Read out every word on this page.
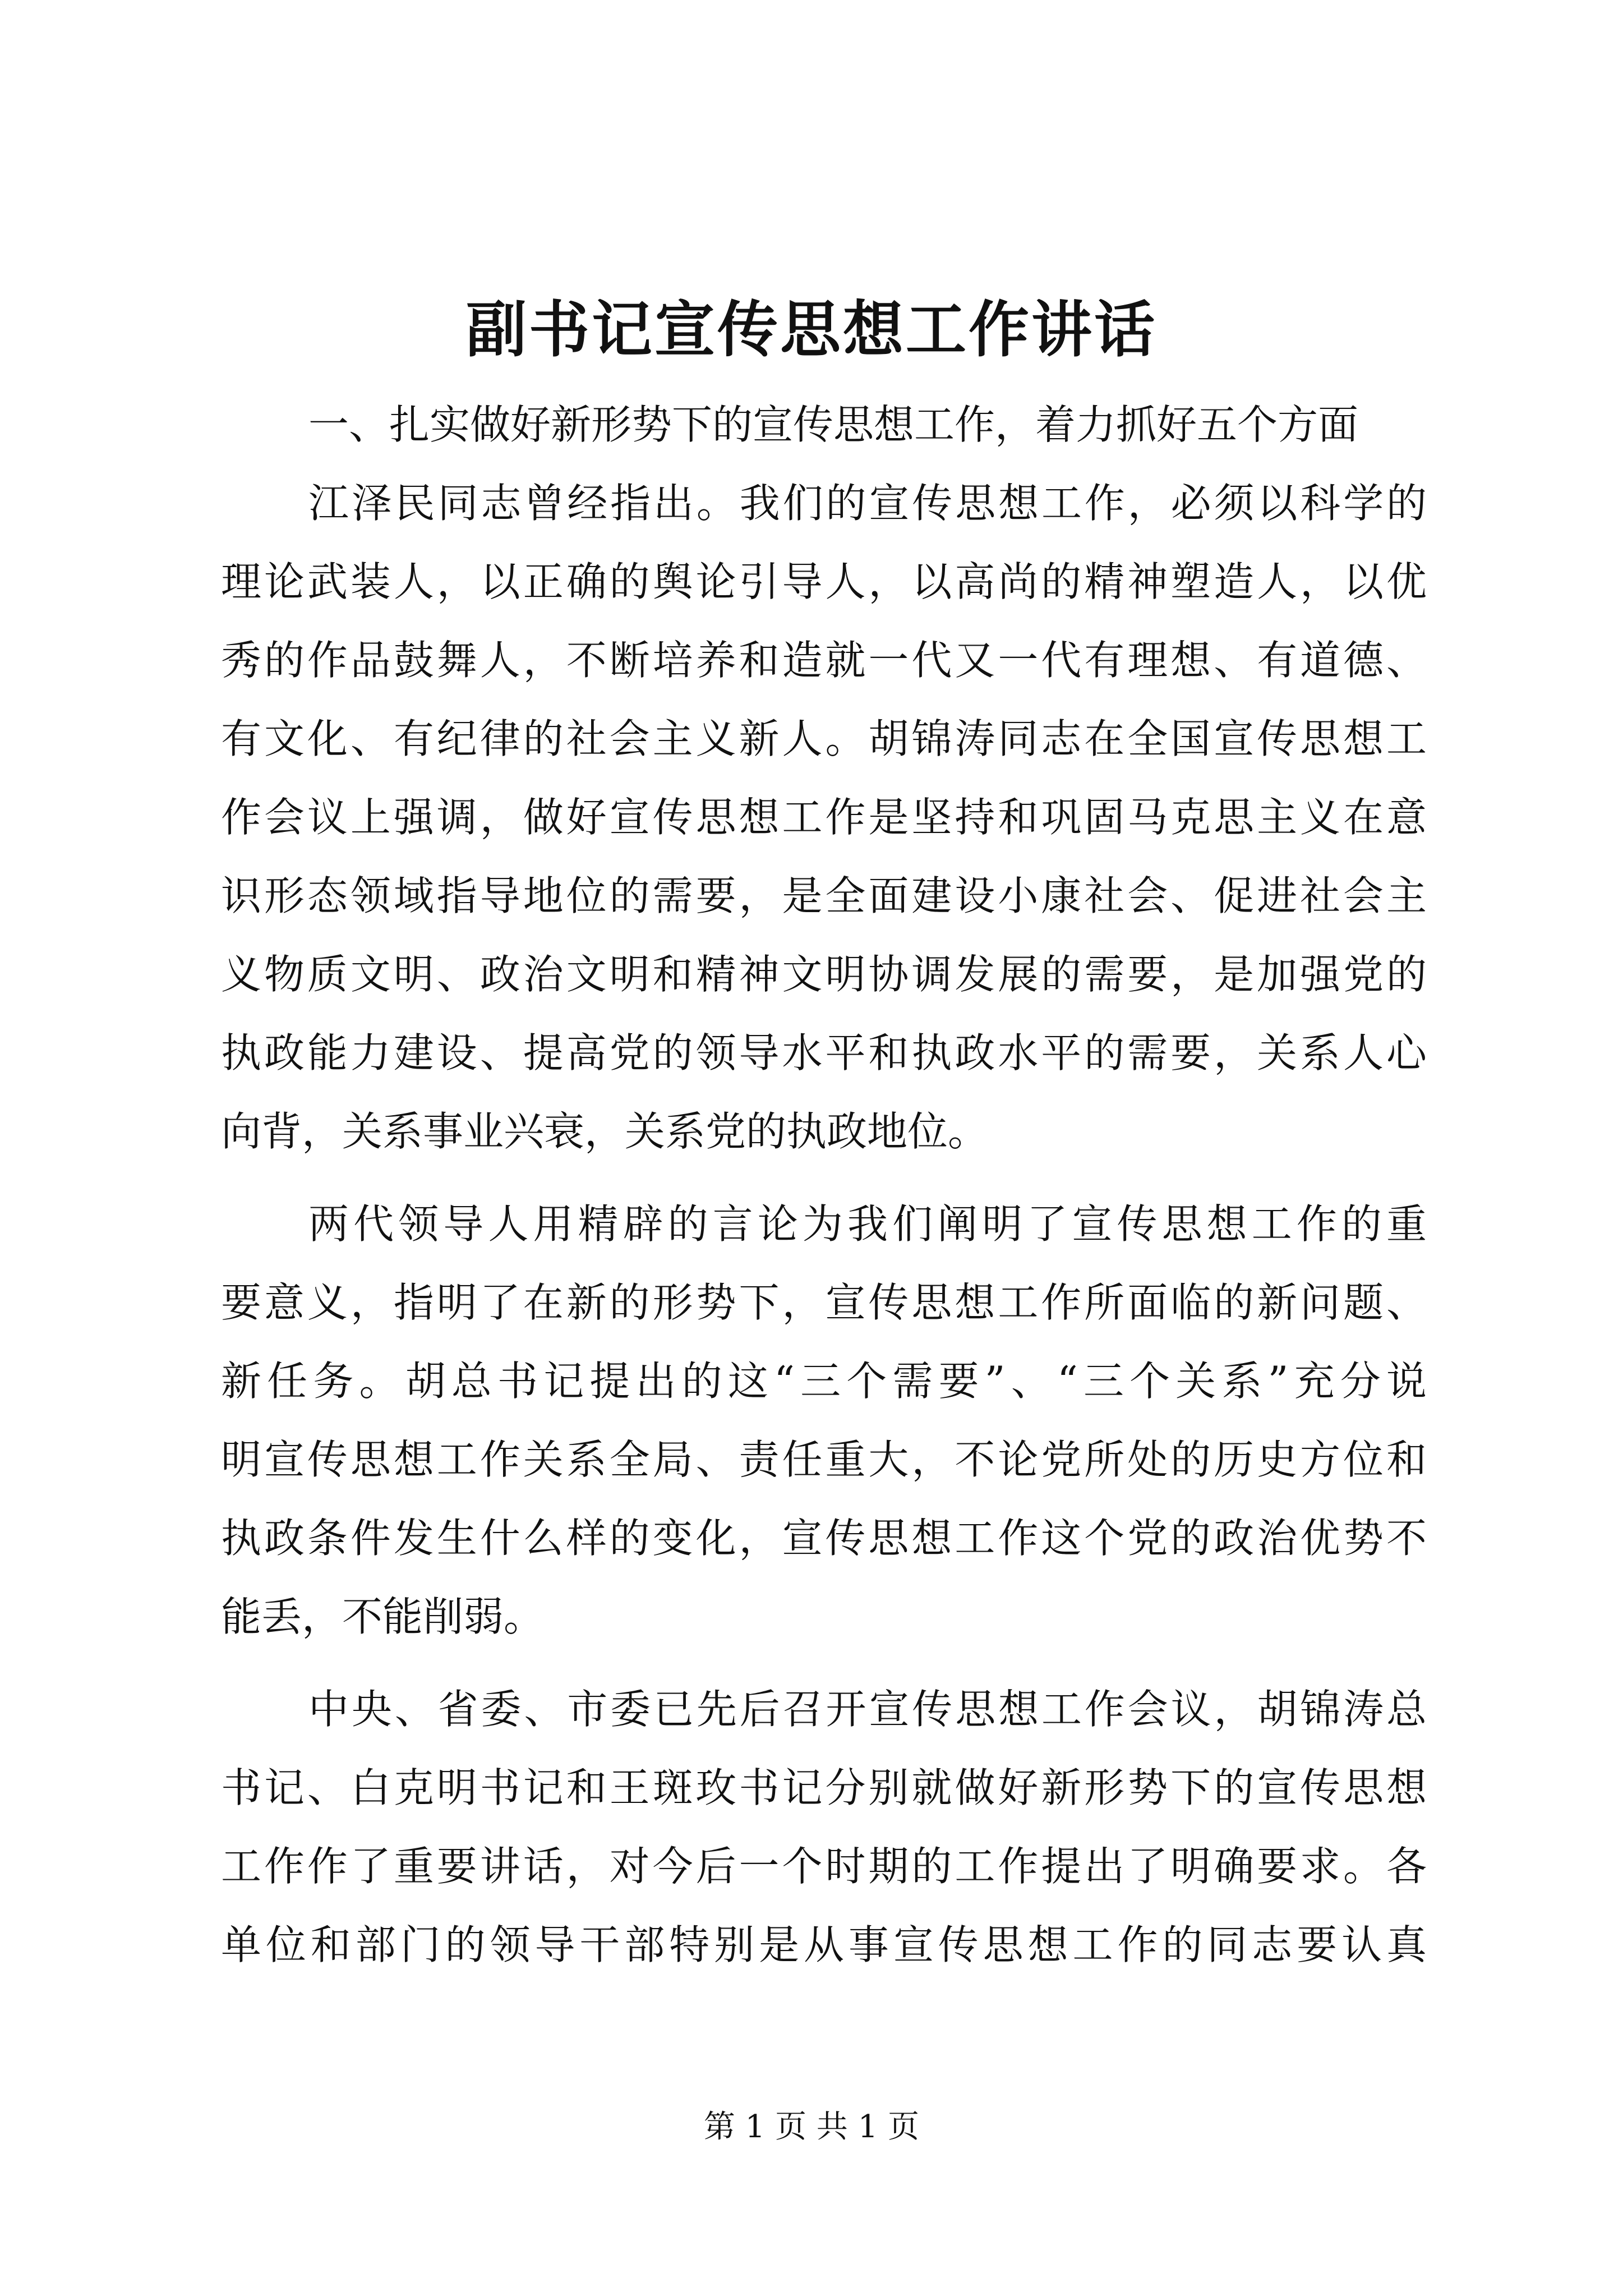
副书记宣传思想工作讲话

一、扎实做好新形势下的宣传思想工作，着力抓好五个方面

江泽民同志曾经指出。我们的宣传思想工作，必须以科学的

理论武装人，以正确的舆论引导人，以高尚的精神塑造人，以优

秀的作品鼓舞人，不断培养和造就一代又一代有理想、有道德、

有文化、有纪律的社会主义新人。胡锦涛同志在全国宣传思想工

作会议上强调，做好宣传思想工作是坚持和巩固马克思主义在意

识形态领域指导地位的需要，是全面建设小康社会、促进社会主

义物质文明、政治文明和精神文明协调发展的需要，是加强党的

执政能力建设、提高党的领导水平和执政水平的需要，关系人心

向背，关系事业兴衰，关系党的执政地位。

两代领导人用精辟的言论为我们阐明了宣传思想工作的重

要意义，指明了在新的形势下，宣传思想工作所面临的新问题、

新任务。胡总书记提出的这“三个需要”、“三个关系”充分说

明宣传思想工作关系全局、责任重大，不论党所处的历史方位和

执政条件发生什么样的变化，宣传思想工作这个党的政治优势不

能丢，不能削弱。

中央、省委、市委已先后召开宣传思想工作会议，胡锦涛总

书记、白克明书记和王斑玫书记分别就做好新形势下的宣传思想

工作作了重要讲话，对今后一个时期的工作提出了明确要求。各

单位和部门的领导干部特别是从事宣传思想工作的同志要认真

第 1 页 共 1 页
